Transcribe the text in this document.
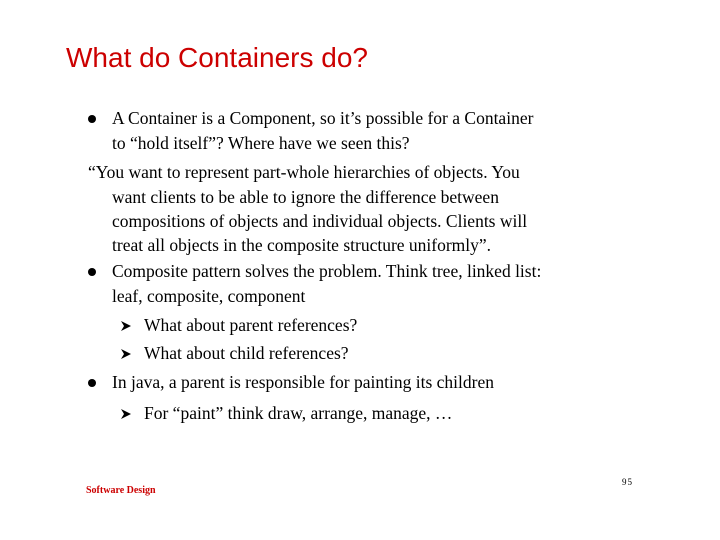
What do Containers do?
A Container is a Component, so it’s possible for a Container
to “hold itself”? Where have we seen this?
“You want to represent part-whole hierarchies of objects. You
want clients to be able to ignore the difference between
compositions of objects and individual objects. Clients will
treat all objects in the composite structure uniformly”.
Composite pattern solves the problem. Think tree, linked list:
leaf, composite, component
What about parent references?
What about child references?
In java, a parent is responsible for painting its children
For “paint” think draw, arrange, manage, …
Software Design
95
